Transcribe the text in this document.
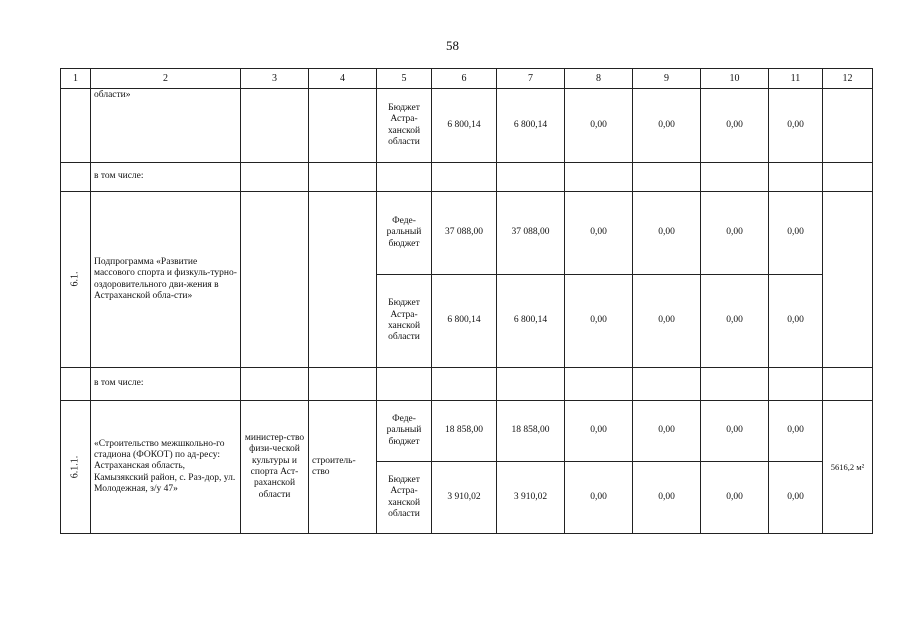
58
1	2	3	4	5	6	7	8	9	10	11	12
	области»			Бюджет Астра-ханской области	6 800,14	6 800,14	0,00	0,00	0,00	0,00	
	в том числе:										
6.1.	Подпрограмма «Развитие массового спорта и физкуль-турно-оздоровительного дви-жения в Астраханской обла-сти»			Феде-ральный бюджет	37 088,00	37 088,00	0,00	0,00	0,00	0,00	
				Бюджет Астра-ханской области	6 800,14	6 800,14	0,00	0,00	0,00	0,00	
	в том числе:										
6.1.1.	«Строительство межшкольно-го стадиона (ФОКОТ) по ад-ресу: Астраханская область, Камызякский район, с. Раз-дор, ул. Молодежная, з/у 47»	министер-ство физи-ческой культуры и спорта Аст-раханской области	строитель-ство	Феде-ральный бюджет	18 858,00	18 858,00	0,00	0,00	0,00	0,00	5616,2 м²
				Бюджет Астра-ханской области	3 910,02	3 910,02	0,00	0,00	0,00	0,00	
